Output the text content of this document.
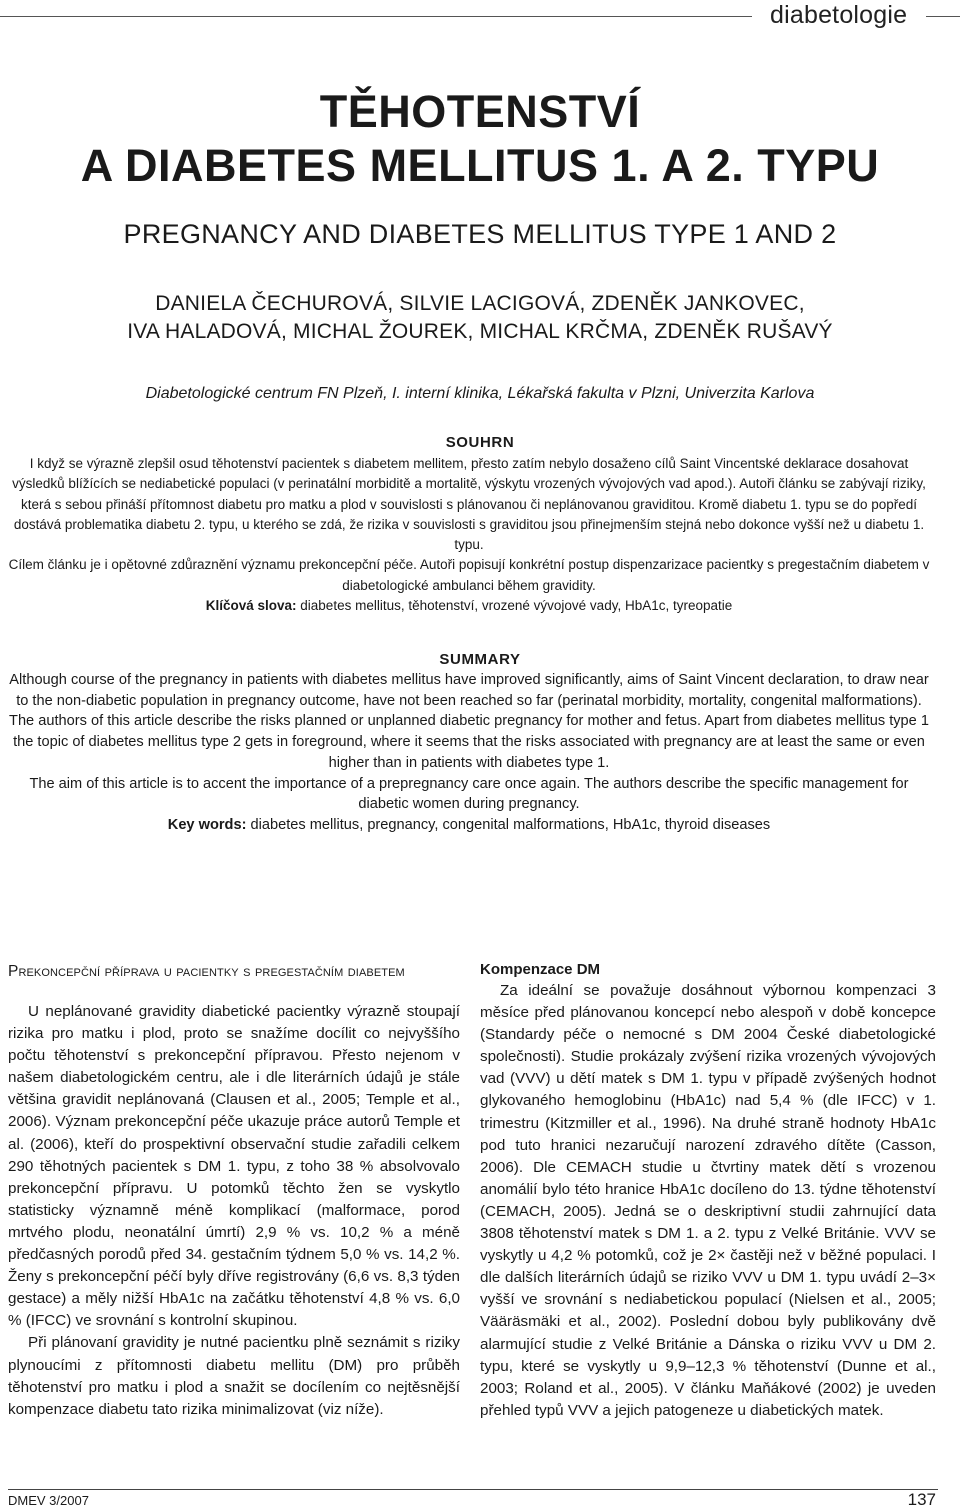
diabetologie
TĚHOTENSTVÍ
A DIABETES MELLITUS 1. A 2. TYPU
PREGNANCY AND DIABETES MELLITUS TYPE 1 AND 2
DANIELA ČECHUROVÁ, SILVIE LACIGOVÁ, ZDENĚK JANKOVEC,
IVA HALADOVÁ, MICHAL ŽOUREK, MICHAL KRČMA, ZDENĚK RUŠAVÝ
Diabetologické centrum FN Plzeň, I. interní klinika, Lékařská fakulta v Plzni, Univerzita Karlova
SOUHRN

I když se výrazně zlepšil osud těhotenství pacientek s diabetem mellitem, přesto zatím nebylo dosaženo cílů Saint Vincentské deklarace dosahovat výsledků blížících se nediabetické populaci (v perinatální morbiditě a mortalitě, výskytu vrozených vývojových vad apod.). Autoři článku se zabývají riziky, která s sebou přináší přítomnost diabetu pro matku a plod v souvislosti s plánovanou či neplánovanou graviditou. Kromě diabetu 1. typu se do popředí dostává problematika diabetu 2. typu, u kterého se zdá, že rizika v souvislosti s graviditou jsou přinejmenším stejná nebo dokonce vyšší než u diabetu 1. typu.

Cílem článku je i opětovné zdůraznění významu prekoncepční péče. Autoři popisují konkrétní postup dispenzarizace pacientky s pregestačním diabetem v diabetologické ambulanci během gravidity.

Klíčová slova: diabetes mellitus, těhotenství, vrozené vývojové vady, HbA1c, tyreopatie

SUMMARY

Although course of the pregnancy in patients with diabetes mellitus have improved significantly, aims of Saint Vincent declaration, to draw near to the non-diabetic population in pregnancy outcome, have not been reached so far (perinatal morbidity, mortality, congenital malformations). The authors of this article describe the risks planned or unplanned diabetic pregnancy for mother and fetus. Apart from diabetes mellitus type 1 the topic of diabetes mellitus type 2 gets in foreground, where it seems that the risks associated with pregnancy are at least the same or even higher than in patients with diabetes type 1.

The aim of this article is to accent the importance of a prepregnancy care once again. The authors describe the specific management for diabetic women during pregnancy.

Key words: diabetes mellitus, pregnancy, congenital malformations, HbA1c, thyroid diseases

Prekoncepční příprava u pacientky s pregestačním diabetem

U neplánované gravidity diabetické pacientky výrazně stoupají rizika pro matku i plod, proto se snažíme docílit co nejvyššího počtu těhotenství s prekoncepční přípravou. Přesto nejenom v našem diabetologickém centru, ale i dle literárních údajů je stále většina gravidit neplánovaná (Clausen et al., 2005; Temple et al., 2006). Význam prekoncepční péče ukazuje práce autorů Temple et al. (2006), kteří do prospektivní observační studie zařadili celkem 290 těhotných pacientek s DM 1. typu, z toho 38 % absolvovalo prekoncepční přípravu. U potomků těchto žen se vyskytlo statisticky významně méně komplikací (malformace, porod mrtvého plodu, neonatální úmrtí) 2,9 % vs. 10,2 % a méně předčasných porodů před 34. gestačním týdnem 5,0 % vs. 14,2 %. Ženy s prekoncepční péčí byly dříve registrovány (6,6 vs. 8,3 týden gestace) a měly nižší HbA1c na začátku těhotenství 4,8 % vs. 6,0 % (IFCC) ve srovnání s kontrolní skupinou.

Při plánovaní gravidity je nutné pacientku plně seznámit s riziky plynoucími z přítomnosti diabetu mellitu (DM) pro průběh těhotenství pro matku i plod a snažit se docílením co nejtěsnější kompenzace diabetu tato rizika minimalizovat (viz níže).

Kompenzace DM

Za ideální se považuje dosáhnout výbornou kompenzaci 3 měsíce před plánovanou koncepcí nebo alespoň v době koncepce (Standardy péče o nemocné s DM 2004 České diabetologické společnosti). Studie prokázaly zvýšení rizika vrozených vývojových vad (VVV) u dětí matek s DM 1. typu v případě zvýšených hodnot glykovaného hemoglobinu (HbA1c) nad 5,4 % (dle IFCC) v 1. trimestru (Kitzmiller et al., 1996). Na druhé straně hodnoty HbA1c pod tuto hranici nezaručují narození zdravého dítěte (Casson, 2006). Dle CEMACH studie u čtvrtiny matek dětí s vrozenou anomálií bylo této hranice HbA1c docíleno do 13. týdne těhotenství (CEMACH, 2005). Jedná se o deskriptivní studii zahrnující data 3808 těhotenství matek s DM 1. a 2. typu z Velké Británie. VVV se vyskytly u 4,2 % potomků, což je 2× častěji než v běžné populaci. I dle dalších literárních údajů se riziko VVV u DM 1. typu uvádí 2–3× vyšší ve srovnání s nediabetickou populací (Nielsen et al., 2005; Vääräsmäki et al., 2002). Poslední dobou byly publikovány dvě alarmující studie z Velké Británie a Dánska o riziku VVV u DM 2. typu, které se vyskytly u 9,9–12,3 % těhotenství (Dunne et al., 2003; Roland et al., 2005). V článku Maňákové (2002) je uveden přehled typů VVV a jejich patogeneze u diabetických matek.

DMEV 3/2007	137
